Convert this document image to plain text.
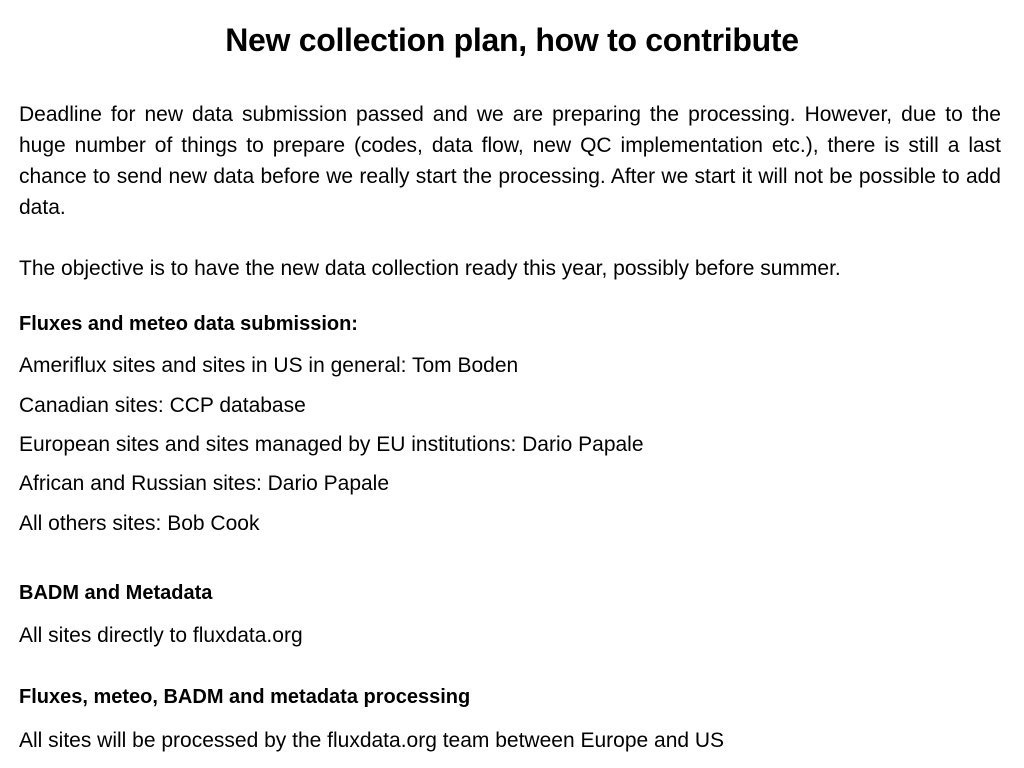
New collection plan, how to contribute
Deadline for new data submission passed and we are preparing the processing. However, due to the huge number of things to prepare (codes, data flow, new QC implementation etc.), there is still a last chance to send new data before we really start the processing. After we start it will not be possible to add data.
The objective is to have the new data collection ready this year, possibly before summer.
Fluxes and meteo data submission:
Ameriflux sites and sites in US in general: Tom Boden
Canadian sites: CCP database
European sites and sites managed by EU institutions: Dario Papale
African and Russian sites: Dario Papale
All others sites: Bob Cook
BADM and Metadata
All sites directly to fluxdata.org
Fluxes, meteo, BADM and metadata processing
All sites will be processed by the fluxdata.org team between Europe and US
